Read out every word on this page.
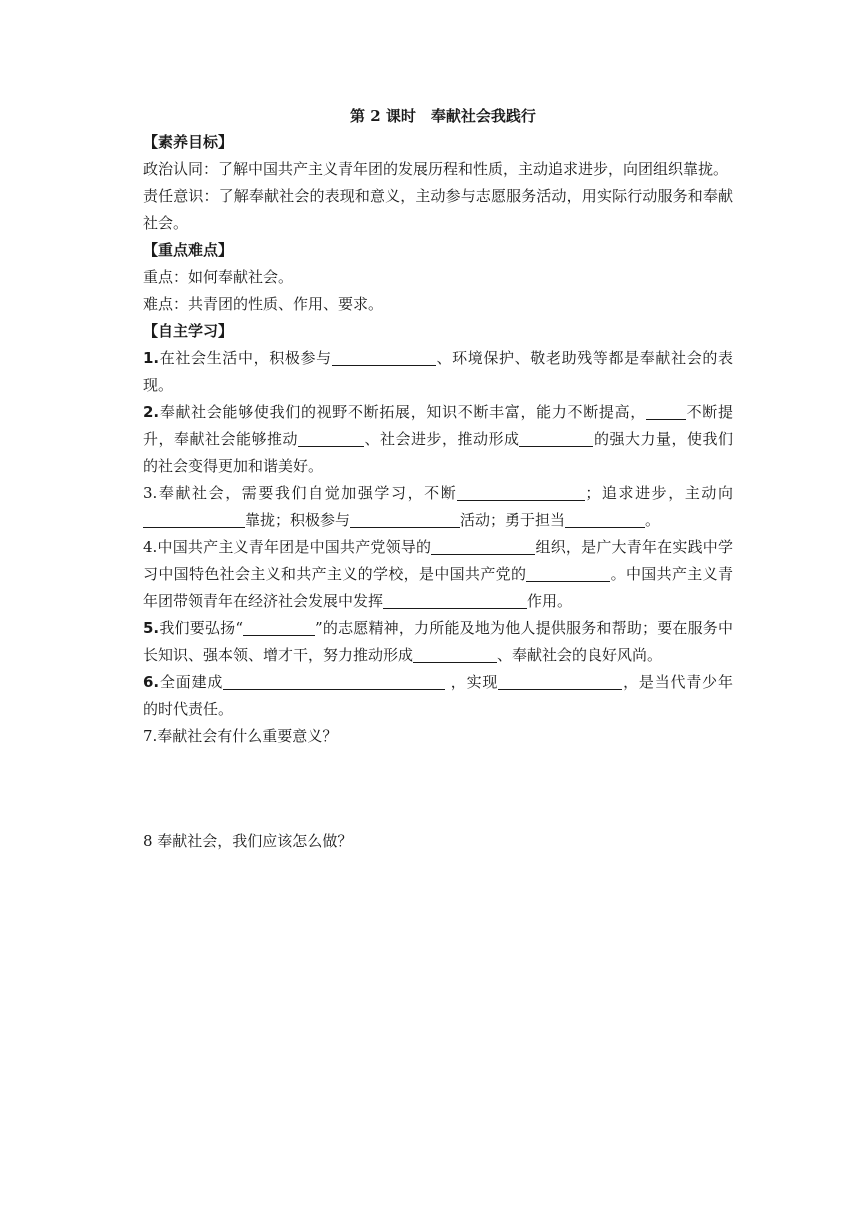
第 2 课时　奉献社会我践行
【素养目标】
政治认同：了解中国共产主义青年团的发展历程和性质，主动追求进步，向团组织靠拢。
责任意识：了解奉献社会的表现和意义，主动参与志愿服务活动，用实际行动服务和奉献社会。
【重点难点】
重点：如何奉献社会。
难点：共青团的性质、作用、要求。
【自主学习】
1.在社会生活中，积极参与	、环境保护、敬老助残等都是奉献社会的表现。
2.奉献社会能够使我们的视野不断拓展，知识不断丰富，能力不断提高，	不断提升，奉献社会能够推动	、社会进步，推动形成	的强大力量，使我们的社会变得更加和谐美好。
3.奉献社会，需要我们自觉加强学习，不断	；追求进步，主动向靠拢；积极参与	活动；勇于担当	。
4.中国共产主义青年团是中国共产党领导的	组织，是广大青年在实践中学习中国特色社会主义和共产主义的学校，是中国共产党的	。中国共产主义青年团带领青年在经济社会发展中发挥	作用。
5.我们要弘扬“	”的志愿精神，力所能及地为他人提供服务和帮助；要在服务中长知识、强本领、增才干，努力推动形成	、奉献社会的良好风尚。
6.全面建成	，实现	，是当代青少年的时代责任。
7.奉献社会有什么重要意义？
8 奉献社会，我们应该怎么做？
